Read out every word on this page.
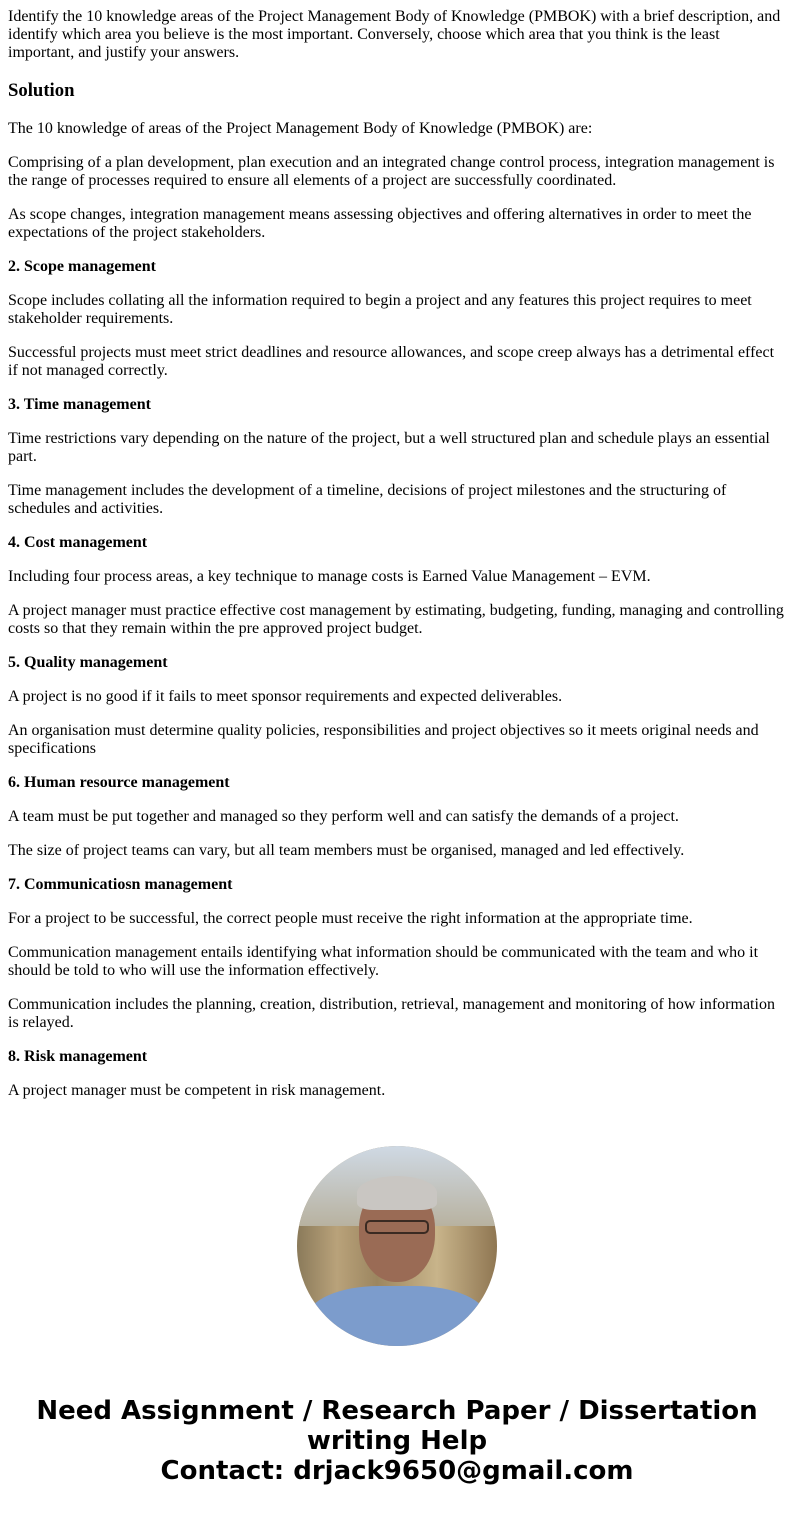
Identify the 10 knowledge areas of the Project Management Body of Knowledge (PMBOK) with a brief description, and identify which area you believe is the most important. Conversely, choose which area that you think is the least important, and justify your answers.

Solution

The 10 knowledge of areas of the Project Management Body of Knowledge (PMBOK) are:

Comprising of a plan development, plan execution and an integrated change control process, integration management is the range of processes required to ensure all elements of a project are successfully coordinated.

As scope changes, integration management means assessing objectives and offering alternatives in order to meet the expectations of the project stakeholders.

2. Scope management

Scope includes collating all the information required to begin a project and any features this project requires to meet stakeholder requirements.

Successful projects must meet strict deadlines and resource allowances, and scope creep always has a detrimental effect if not managed correctly.

3. Time management

Time restrictions vary depending on the nature of the project, but a well structured plan and schedule plays an essential part.

Time management includes the development of a timeline, decisions of project milestones and the structuring of schedules and activities.

4. Cost management

Including four process areas, a key technique to manage costs is Earned Value Management – EVM.

A project manager must practice effective cost management by estimating, budgeting, funding, managing and controlling costs so that they remain within the pre approved project budget.

5. Quality management

A project is no good if it fails to meet sponsor requirements and expected deliverables.

An organisation must determine quality policies, responsibilities and project objectives so it meets original needs and specifications

6. Human resource management

A team must be put together and managed so they perform well and can satisfy the demands of a project.

The size of project teams can vary, but all team members must be organised, managed and led effectively.

7. Communicatiosn management

For a project to be successful, the correct people must receive the right information at the appropriate time.

Communication management entails identifying what information should be communicated with the team and who it should be told to who will use the information effectively.

Communication includes the planning, creation, distribution, retrieval, management and monitoring of how information is relayed.

8. Risk management

A project manager must be competent in risk management.

Need Assignment / Research Paper / Dissertation writing Help
Contact: drjack9650@gmail.com
